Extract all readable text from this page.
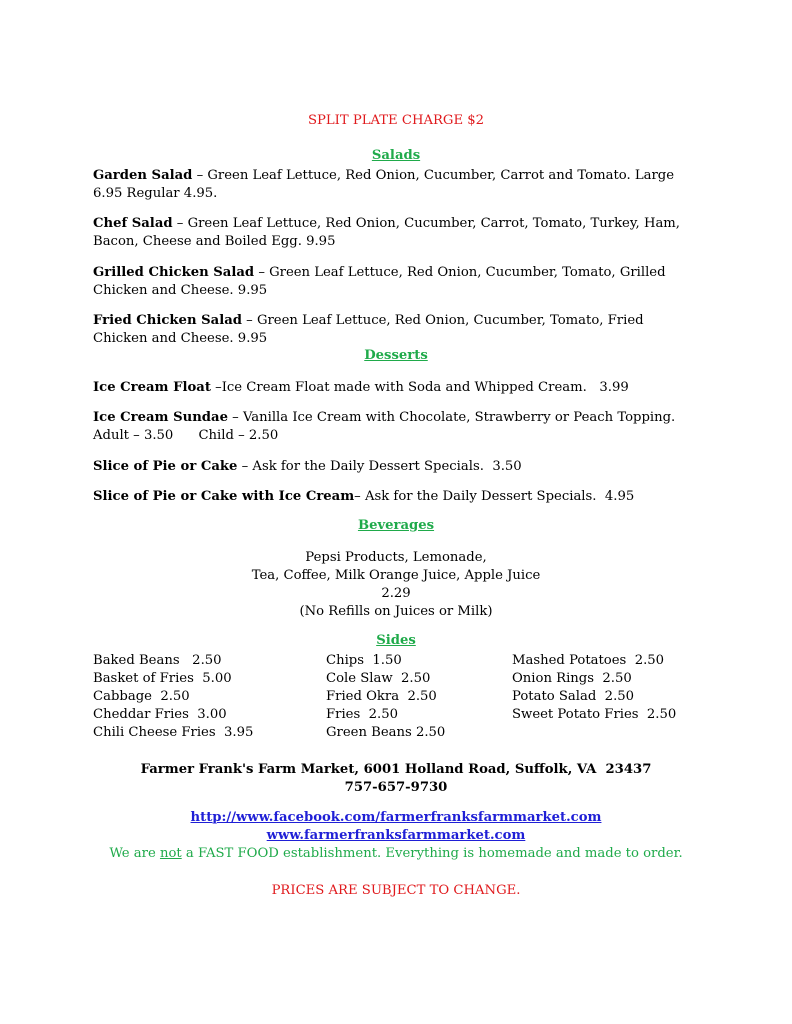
SPLIT PLATE CHARGE $2
Salads
Garden Salad – Green Leaf Lettuce, Red Onion, Cucumber, Carrot and Tomato. Large 6.95 Regular 4.95.
Chef Salad – Green Leaf Lettuce, Red Onion, Cucumber, Carrot, Tomato, Turkey, Ham, Bacon, Cheese and Boiled Egg. 9.95
Grilled Chicken Salad – Green Leaf Lettuce, Red Onion, Cucumber, Tomato, Grilled Chicken and Cheese. 9.95
Fried Chicken Salad – Green Leaf Lettuce, Red Onion, Cucumber, Tomato, Fried Chicken and Cheese. 9.95
Desserts
Ice Cream Float –Ice Cream Float made with Soda and Whipped Cream.   3.99
Ice Cream Sundae – Vanilla Ice Cream with Chocolate, Strawberry or Peach Topping.
Adult – 3.50      Child – 2.50
Slice of Pie or Cake – Ask for the Daily Dessert Specials.  3.50
Slice of Pie or Cake with Ice Cream– Ask for the Daily Dessert Specials.  4.95
Beverages
Pepsi Products, Lemonade,
Tea, Coffee, Milk Orange Juice, Apple Juice
2.29
(No Refills on Juices or Milk)
Sides
Baked Beans   2.50
Basket of Fries  5.00
Cabbage  2.50
Cheddar Fries  3.00
Chili Cheese Fries  3.95
Chips  1.50
Cole Slaw  2.50
Fried Okra  2.50
Fries  2.50
Green Beans 2.50
Mashed Potatoes  2.50
Onion Rings  2.50
Potato Salad  2.50
Sweet Potato Fries  2.50
Farmer Frank's Farm Market, 6001 Holland Road, Suffolk, VA  23437
757-657-9730
http://www.facebook.com/farmerfranksfarmmarket.com
www.farmerfranksfarmmarket.com
We are not a FAST FOOD establishment. Everything is homemade and made to order.
PRICES ARE SUBJECT TO CHANGE.
